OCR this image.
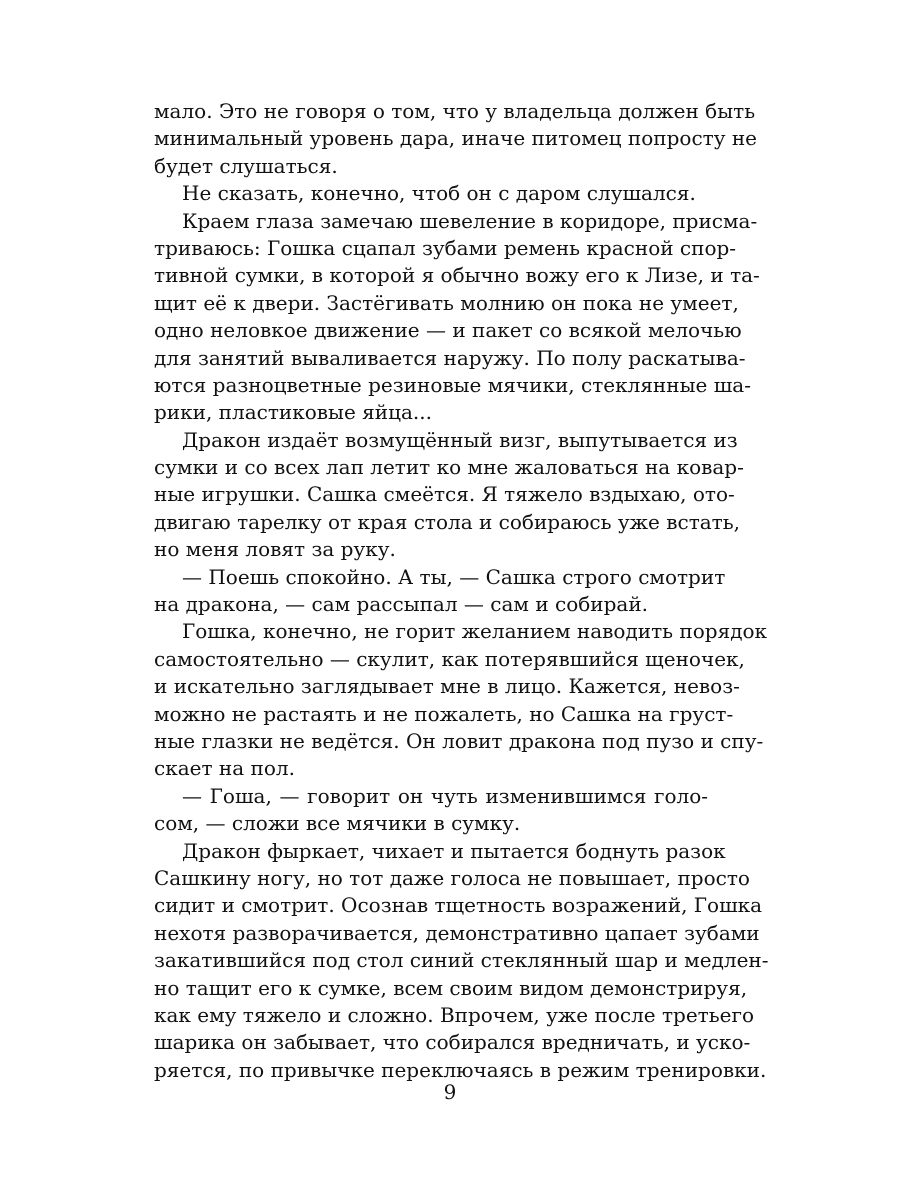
мало. Это не говоря о том, что у владельца должен быть
минимальный уровень дара, иначе питомец попросту не
будет слушаться.
Не сказать, конечно, чтоб он с даром слушался.
Краем глаза замечаю шевеление в коридоре, присма-
триваюсь: Гошка сцапал зубами ремень красной спор-
тивной сумки, в которой я обычно вожу его к Лизе, и та-
щит её к двери. Застёгивать молнию он пока не умеет,
одно неловкое движение — и пакет со всякой мелочью
для занятий вываливается наружу. По полу раскатыва-
ются разноцветные резиновые мячики, стеклянные ша-
рики, пластиковые яйца...
Дракон издаёт возмущённый визг, выпутывается из
сумки и со всех лап летит ко мне жаловаться на ковар-
ные игрушки. Сашка смеётся. Я тяжело вздыхаю, ото-
двигаю тарелку от края стола и собираюсь уже встать,
но меня ловят за руку.
— Поешь спокойно. А ты, — Сашка строго смотрит
на дракона, — сам рассыпал — сам и собирай.
Гошка, конечно, не горит желанием наводить порядок
самостоятельно — скулит, как потерявшийся щеночек,
и искательно заглядывает мне в лицо. Кажется, невоз-
можно не растаять и не пожалеть, но Сашка на груст-
ные глазки не ведётся. Он ловит дракона под пузо и спу-
скает на пол.
— Гоша, — говорит он чуть изменившимся голо-
сом, — сложи все мячики в сумку.
Дракон фыркает, чихает и пытается боднуть разок
Сашкину ногу, но тот даже голоса не повышает, просто
сидит и смотрит. Осознав тщетность возражений, Гошка
нехотя разворачивается, демонстративно цапает зубами
закатившийся под стол синий стеклянный шар и медлен-
но тащит его к сумке, всем своим видом демонстрируя,
как ему тяжело и сложно. Впрочем, уже после третьего
шарика он забывает, что собирался вредничать, и уско-
ряется, по привычке переключаясь в режим тренировки.
9
